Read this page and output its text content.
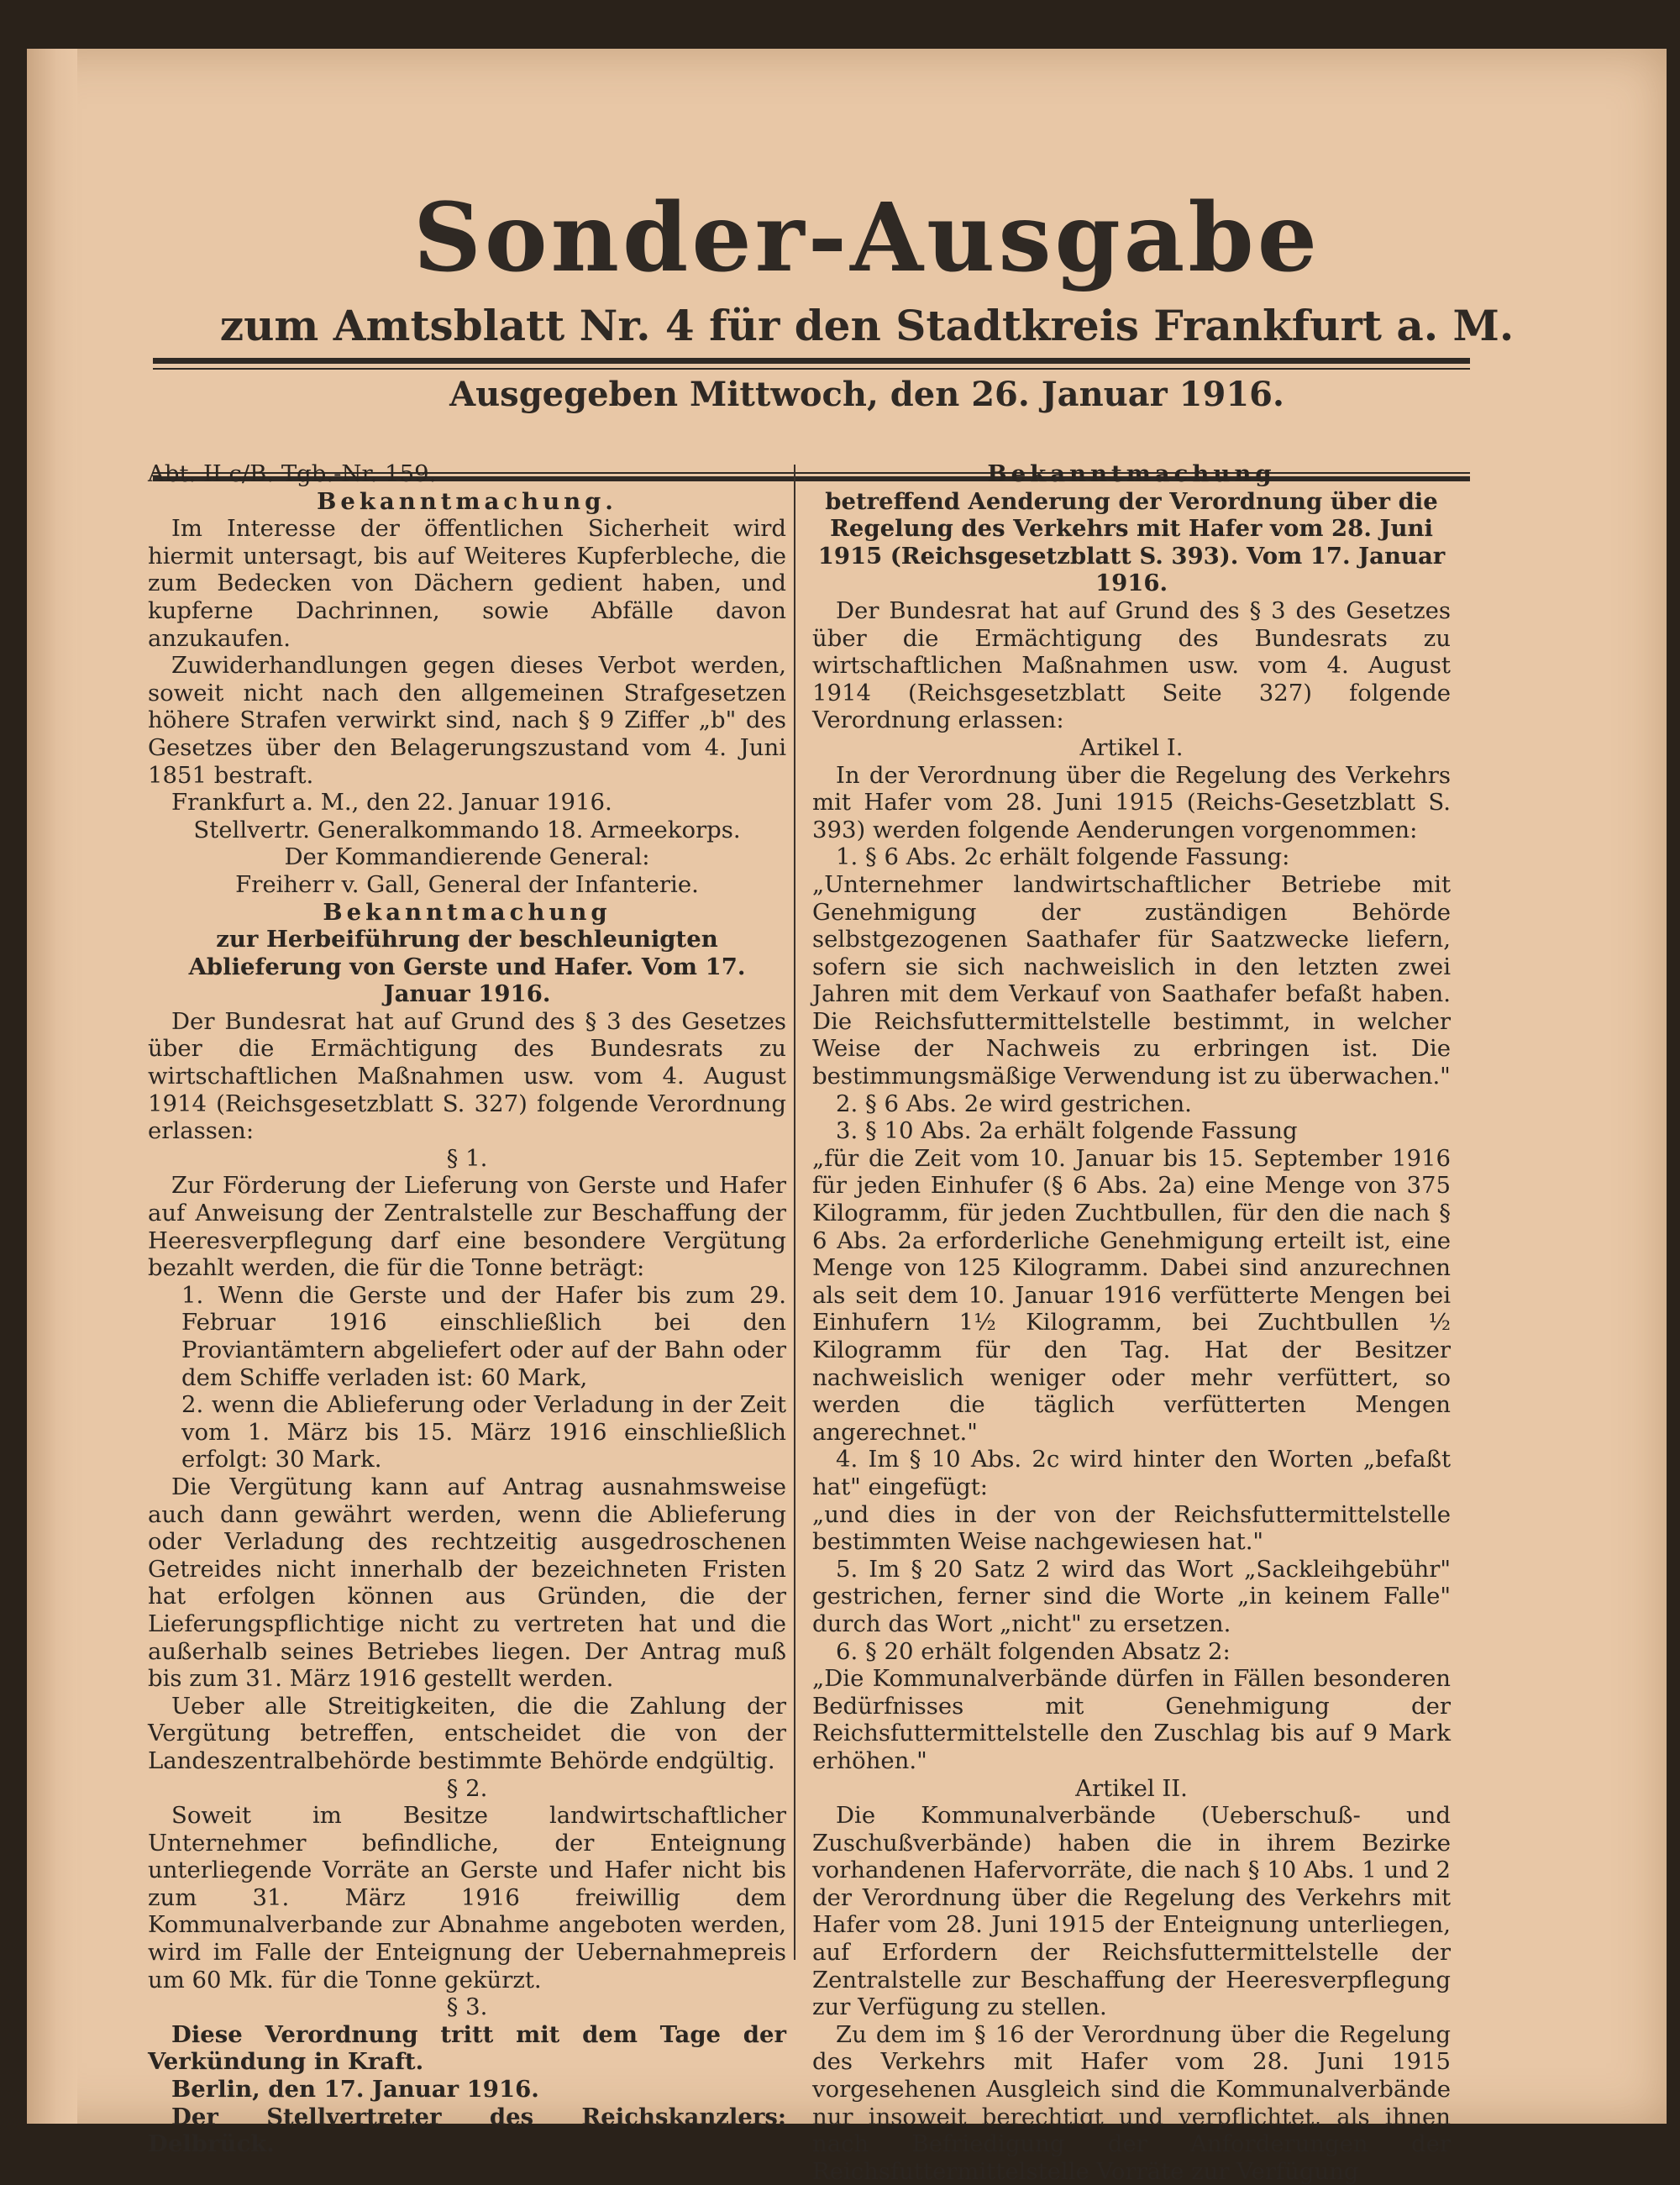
Sonder-Ausgabe
zum Amtsblatt Nr. 4 für den Stadtkreis Frankfurt a. M.
Ausgegeben Mittwoch, den 26. Januar 1916.

Abt. II c/B. Tgb.-Nr. 159.

Bekanntmachung.

Im Interesse der öffentlichen Sicherheit wird hiermit untersagt, bis auf Weiteres Kupferbleche, die zum Bedecken von Dächern gedient haben, und kupferne Dachrinnen, sowie Abfälle davon anzukaufen.

Zuwiderhandlungen gegen dieses Verbot werden, soweit nicht nach den allgemeinen Strafgesetzen höhere Strafen verwirkt sind, nach § 9 Ziffer „b" des Gesetzes über den Belagerungszustand vom 4. Juni 1851 bestraft.

Frankfurt a. M., den 22. Januar 1916.

Stellvertr. Generalkommando 18. Armeekorps.

Der Kommandierende General:

Freiherr v. Gall, General der Infanterie.

Bekanntmachung

zur Herbeiführung der beschleunigten Ablieferung von Gerste und Hafer. Vom 17. Januar 1916.

Der Bundesrat hat auf Grund des § 3 des Gesetzes über die Ermächtigung des Bundesrats zu wirtschaftlichen Maßnahmen usw. vom 4. August 1914 (Reichsgesetzblatt S. 327) folgende Verordnung erlassen:

§ 1.

Zur Förderung der Lieferung von Gerste und Hafer auf Anweisung der Zentralstelle zur Beschaffung der Heeresverpflegung darf eine besondere Vergütung bezahlt werden, die für die Tonne beträgt:

1. Wenn die Gerste und der Hafer bis zum 29. Februar 1916 einschließlich bei den Proviantämtern abgeliefert oder auf der Bahn oder dem Schiffe verladen ist: 60 Mark,

2. wenn die Ablieferung oder Verladung in der Zeit vom 1. März bis 15. März 1916 einschließlich erfolgt: 30 Mark.

Die Vergütung kann auf Antrag ausnahmsweise auch dann gewährt werden, wenn die Ablieferung oder Verladung des rechtzeitig ausgedroschenen Getreides nicht innerhalb der bezeichneten Fristen hat erfolgen können aus Gründen, die der Lieferungspflichtige nicht zu vertreten hat und die außerhalb seines Betriebes liegen. Der Antrag muß bis zum 31. März 1916 gestellt werden.

Ueber alle Streitigkeiten, die die Zahlung der Vergütung betreffen, entscheidet die von der Landeszentralbehörde bestimmte Behörde endgültig.

§ 2.

Soweit im Besitze landwirtschaftlicher Unternehmer befindliche, der Enteignung unterliegende Vorräte an Gerste und Hafer nicht bis zum 31. März 1916 freiwillig dem Kommunalverbande zur Abnahme angeboten werden, wird im Falle der Enteignung der Uebernahmepreis um 60 Mk. für die Tonne gekürzt.

§ 3.

Diese Verordnung tritt mit dem Tage der Verkündung in Kraft.

Berlin, den 17. Januar 1916.

Der Stellvertreter des Reichskanzlers: Delbrück.

Bekanntmachung

betreffend Aenderung der Verordnung über die Regelung des Verkehrs mit Hafer vom 28. Juni 1915 (Reichsgesetzblatt S. 393). Vom 17. Januar 1916.

Der Bundesrat hat auf Grund des § 3 des Gesetzes über die Ermächtigung des Bundesrats zu wirtschaftlichen Maßnahmen usw. vom 4. August 1914 (Reichsgesetzblatt Seite 327) folgende Verordnung erlassen:

Artikel I.

In der Verordnung über die Regelung des Verkehrs mit Hafer vom 28. Juni 1915 (Reichs-Gesetzblatt S. 393) werden folgende Aenderungen vorgenommen:

1. § 6 Abs. 2c erhält folgende Fassung:

„Unternehmer landwirtschaftlicher Betriebe mit Genehmigung der zuständigen Behörde selbstgezogenen Saathafer für Saatzwecke liefern, sofern sie sich nachweislich in den letzten zwei Jahren mit dem Verkauf von Saathafer befaßt haben. Die Reichsfuttermittelstelle bestimmt, in welcher Weise der Nachweis zu erbringen ist. Die bestimmungsmäßige Verwendung ist zu überwachen."

2. § 6 Abs. 2e wird gestrichen.

3. § 10 Abs. 2a erhält folgende Fassung

„für die Zeit vom 10. Januar bis 15. September 1916 für jeden Einhufer (§ 6 Abs. 2a) eine Menge von 375 Kilogramm, für jeden Zuchtbullen, für den die nach § 6 Abs. 2a erforderliche Genehmigung erteilt ist, eine Menge von 125 Kilogramm. Dabei sind anzurechnen als seit dem 10. Januar 1916 verfütterte Mengen bei Einhufern 1½ Kilogramm, bei Zuchtbullen ½ Kilogramm für den Tag. Hat der Besitzer nachweislich weniger oder mehr verfüttert, so werden die täglich verfütterten Mengen angerechnet."

4. Im § 10 Abs. 2c wird hinter den Worten „befaßt hat" eingefügt:

„und dies in der von der Reichsfuttermittelstelle bestimmten Weise nachgewiesen hat."

5. Im § 20 Satz 2 wird das Wort „Sackleihgebühr" gestrichen, ferner sind die Worte „in keinem Falle" durch das Wort „nicht" zu ersetzen.

6. § 20 erhält folgenden Absatz 2:

„Die Kommunalverbände dürfen in Fällen besonderen Bedürfnisses mit Genehmigung der Reichsfuttermittelstelle den Zuschlag bis auf 9 Mark erhöhen."

Artikel II.

Die Kommunalverbände (Ueberschuß- und Zuschußverbände) haben die in ihrem Bezirke vorhandenen Hafervorräte, die nach § 10 Abs. 1 und 2 der Verordnung über die Regelung des Verkehrs mit Hafer vom 28. Juni 1915 der Enteignung unterliegen, auf Erfordern der Reichsfuttermittelstelle der Zentralstelle zur Beschaffung der Heeresverpflegung zur Verfügung zu stellen.

Zu dem im § 16 der Verordnung über die Regelung des Verkehrs mit Hafer vom 28. Juni 1915 vorgesehenen Ausgleich sind die Kommunalverbände nur insoweit berechtigt und verpflichtet, als ihnen nach Befriedigung der Anforderungen der Reichsfuttermittelstelle Vorräte zur Verfügung
